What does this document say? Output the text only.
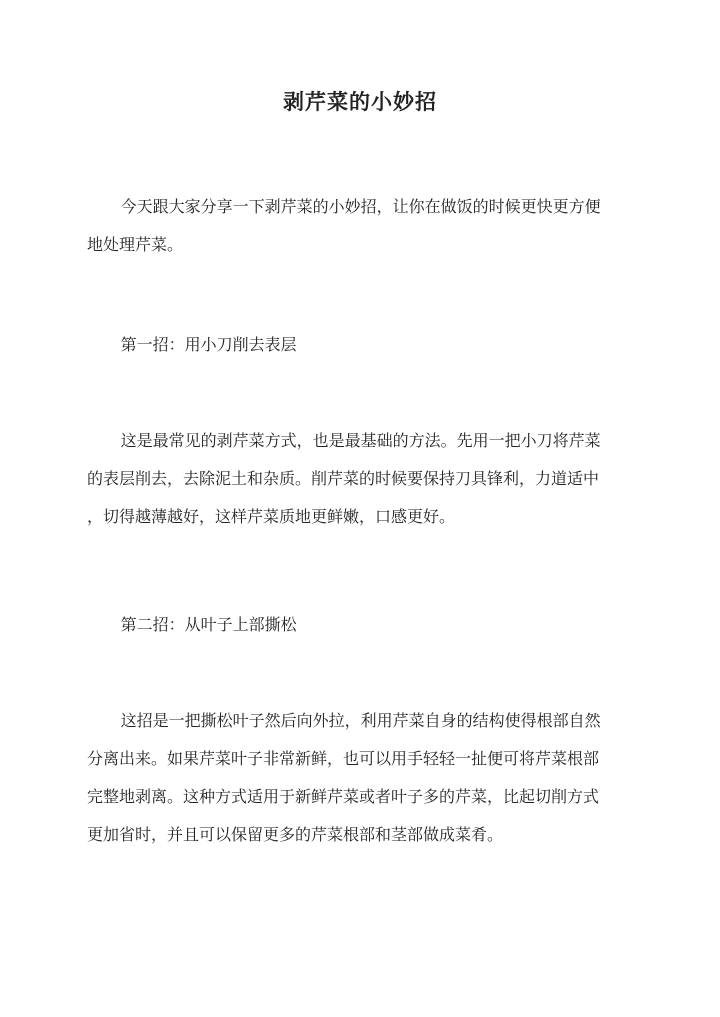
剥芹菜的小妙招
今天跟大家分享一下剥芹菜的小妙招，让你在做饭的时候更快更方便
地处理芹菜。
第一招：用小刀削去表层
这是最常见的剥芹菜方式，也是最基础的方法。先用一把小刀将芹菜
的表层削去，去除泥土和杂质。削芹菜的时候要保持刀具锋利，力道适中
，切得越薄越好，这样芹菜质地更鲜嫩，口感更好。
第二招：从叶子上部撕松
这招是一把撕松叶子然后向外拉，利用芹菜自身的结构使得根部自然
分离出来。如果芹菜叶子非常新鲜，也可以用手轻轻一扯便可将芹菜根部
完整地剥离。这种方式适用于新鲜芹菜或者叶子多的芹菜，比起切削方式
更加省时，并且可以保留更多的芹菜根部和茎部做成菜肴。
